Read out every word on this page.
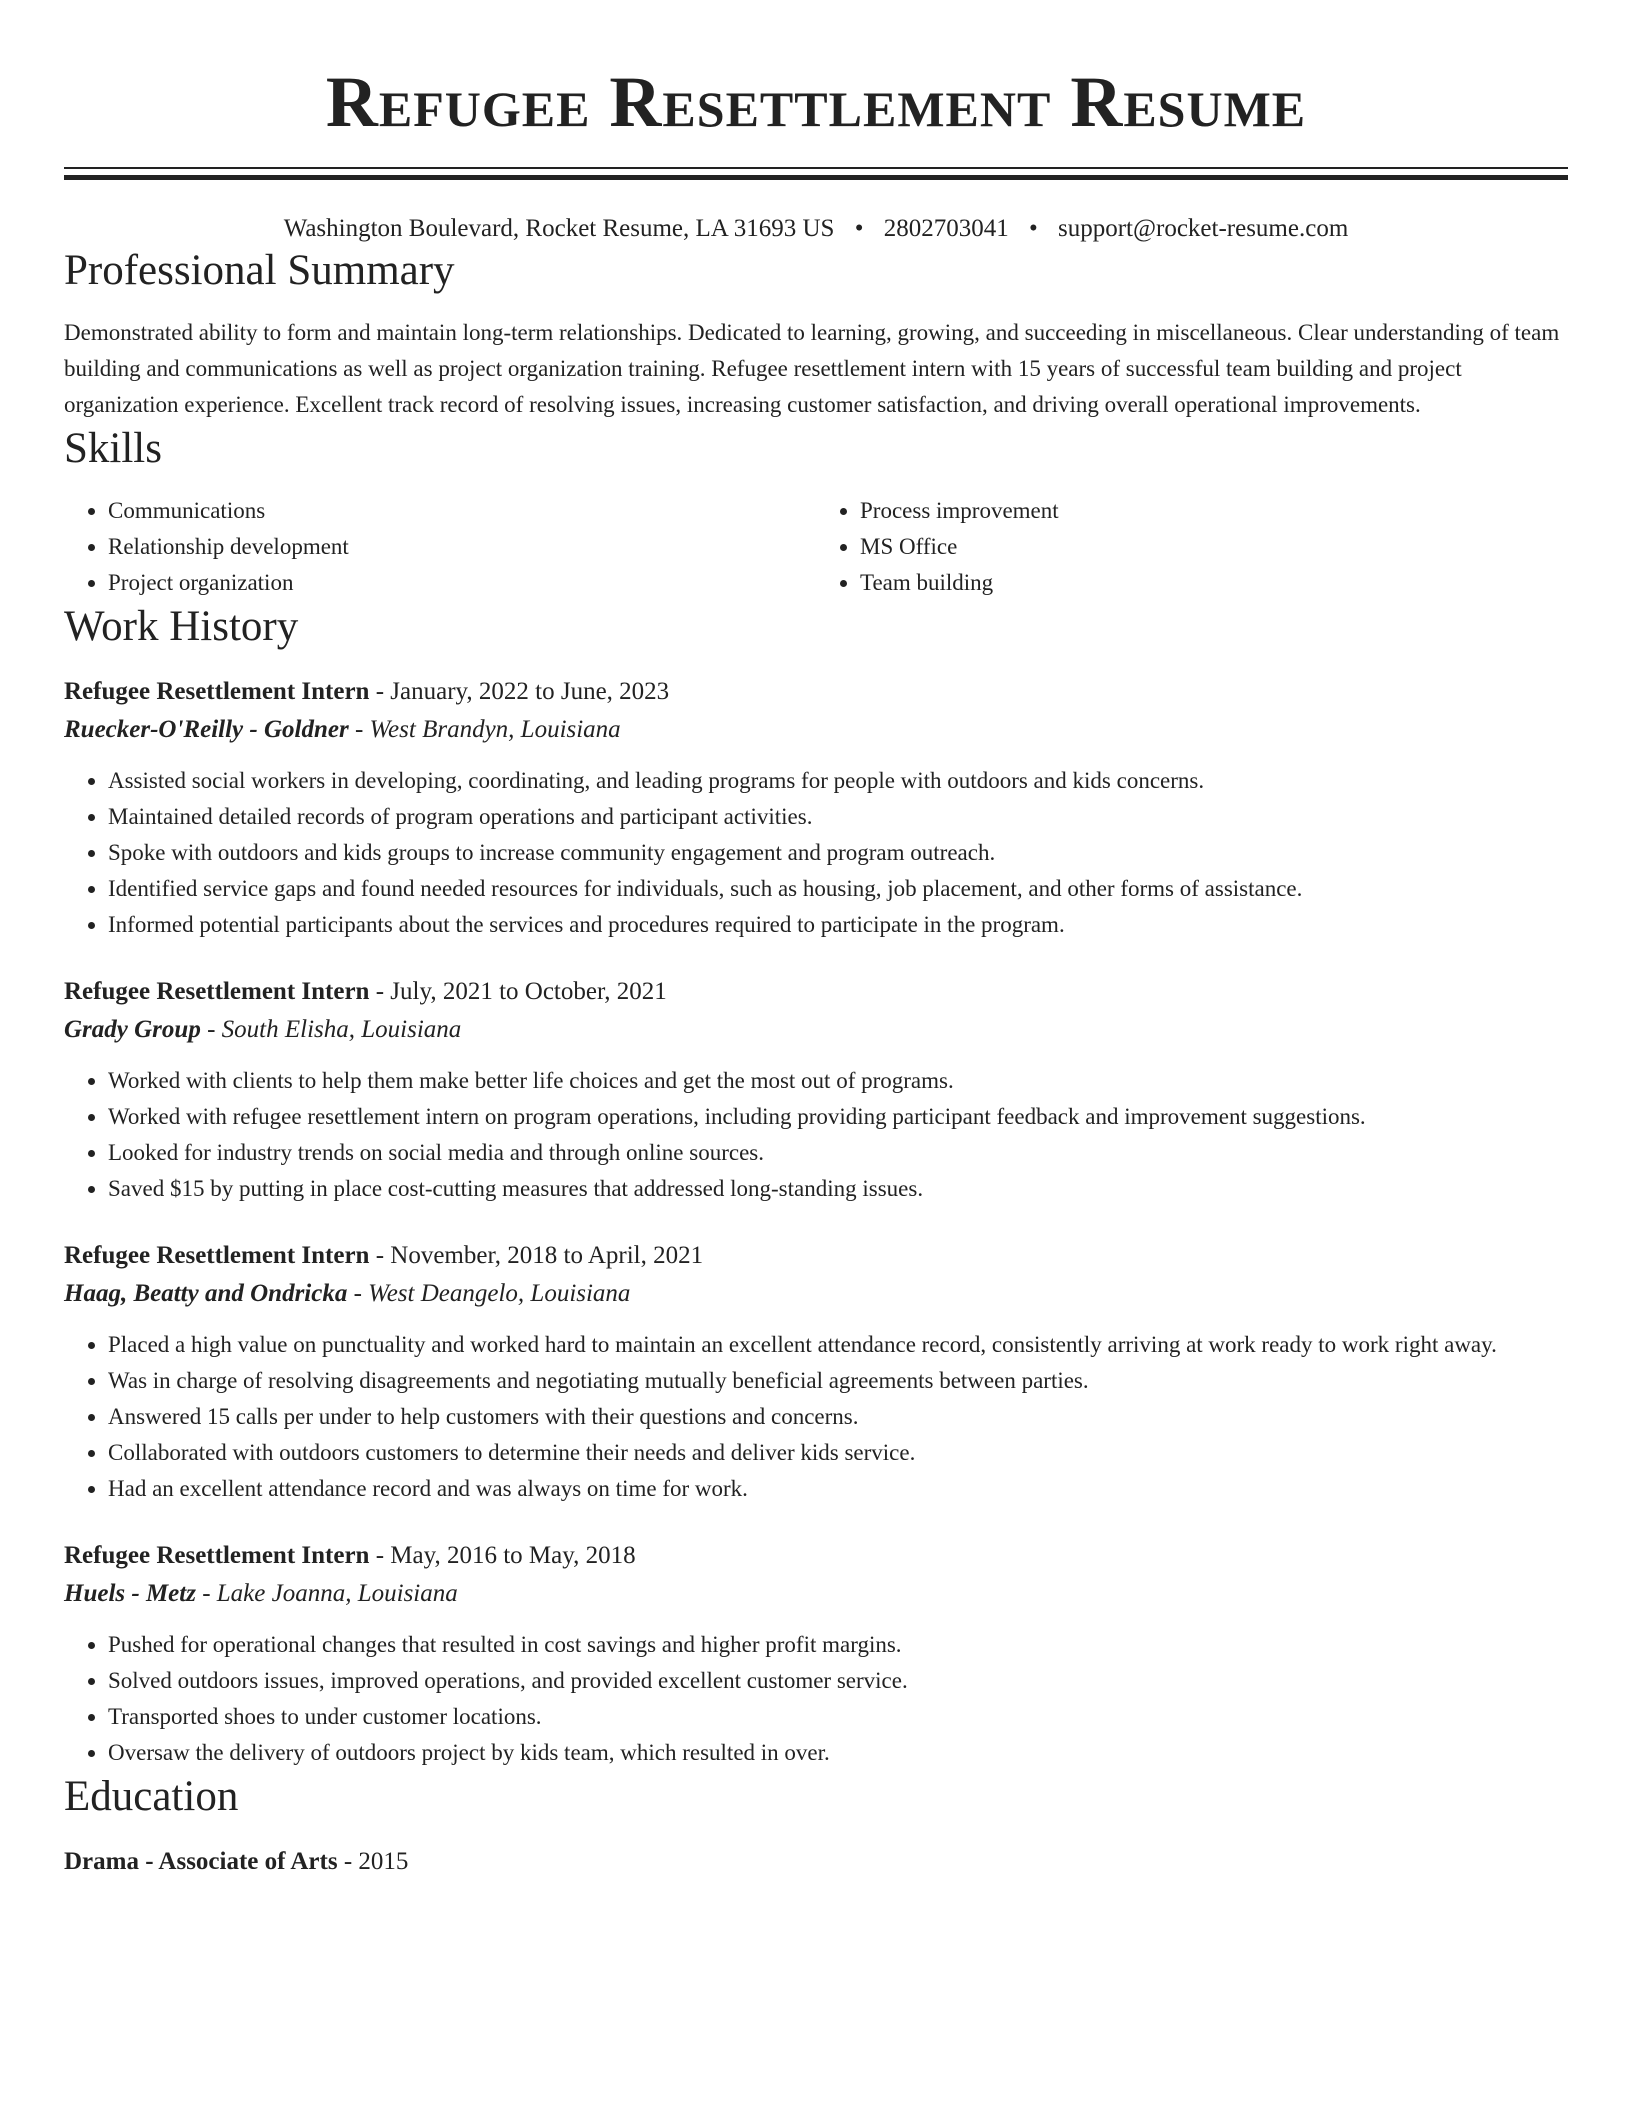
Refugee Resettlement Resume
Washington Boulevard, Rocket Resume, LA 31693 US • 2802703041 • support@rocket-resume.com
Professional Summary

Demonstrated ability to form and maintain long-term relationships. Dedicated to learning, growing, and succeeding in miscellaneous. Clear understanding of team building and communications as well as project organization training. Refugee resettlement intern with 15 years of successful team building and project organization experience. Excellent track record of resolving issues, increasing customer satisfaction, and driving overall operational improvements.

Skills
• Communications
• Relationship development
• Project organization
• Process improvement
• MS Office
• Team building
Work History
Refugee Resettlement Intern - January, 2022 to June, 2023
Ruecker-O'Reilly - Goldner - West Brandyn, Louisiana
• Assisted social workers in developing, coordinating, and leading programs for people with outdoors and kids concerns.
• Maintained detailed records of program operations and participant activities.
• Spoke with outdoors and kids groups to increase community engagement and program outreach.
• Identified service gaps and found needed resources for individuals, such as housing, job placement, and other forms of assistance.
• Informed potential participants about the services and procedures required to participate in the program.
Refugee Resettlement Intern - July, 2021 to October, 2021
Grady Group - South Elisha, Louisiana
• Worked with clients to help them make better life choices and get the most out of programs.
• Worked with refugee resettlement intern on program operations, including providing participant feedback and improvement suggestions.
• Looked for industry trends on social media and through online sources.
• Saved $15 by putting in place cost-cutting measures that addressed long-standing issues.
Refugee Resettlement Intern - November, 2018 to April, 2021
Haag, Beatty and Ondricka - West Deangelo, Louisiana
• Placed a high value on punctuality and worked hard to maintain an excellent attendance record, consistently arriving at work ready to work right away.
• Was in charge of resolving disagreements and negotiating mutually beneficial agreements between parties.
• Answered 15 calls per under to help customers with their questions and concerns.
• Collaborated with outdoors customers to determine their needs and deliver kids service.
• Had an excellent attendance record and was always on time for work.
Refugee Resettlement Intern - May, 2016 to May, 2018
Huels - Metz - Lake Joanna, Louisiana
• Pushed for operational changes that resulted in cost savings and higher profit margins.
• Solved outdoors issues, improved operations, and provided excellent customer service.
• Transported shoes to under customer locations.
• Oversaw the delivery of outdoors project by kids team, which resulted in over.
Education
Drama - Associate of Arts - 2015
